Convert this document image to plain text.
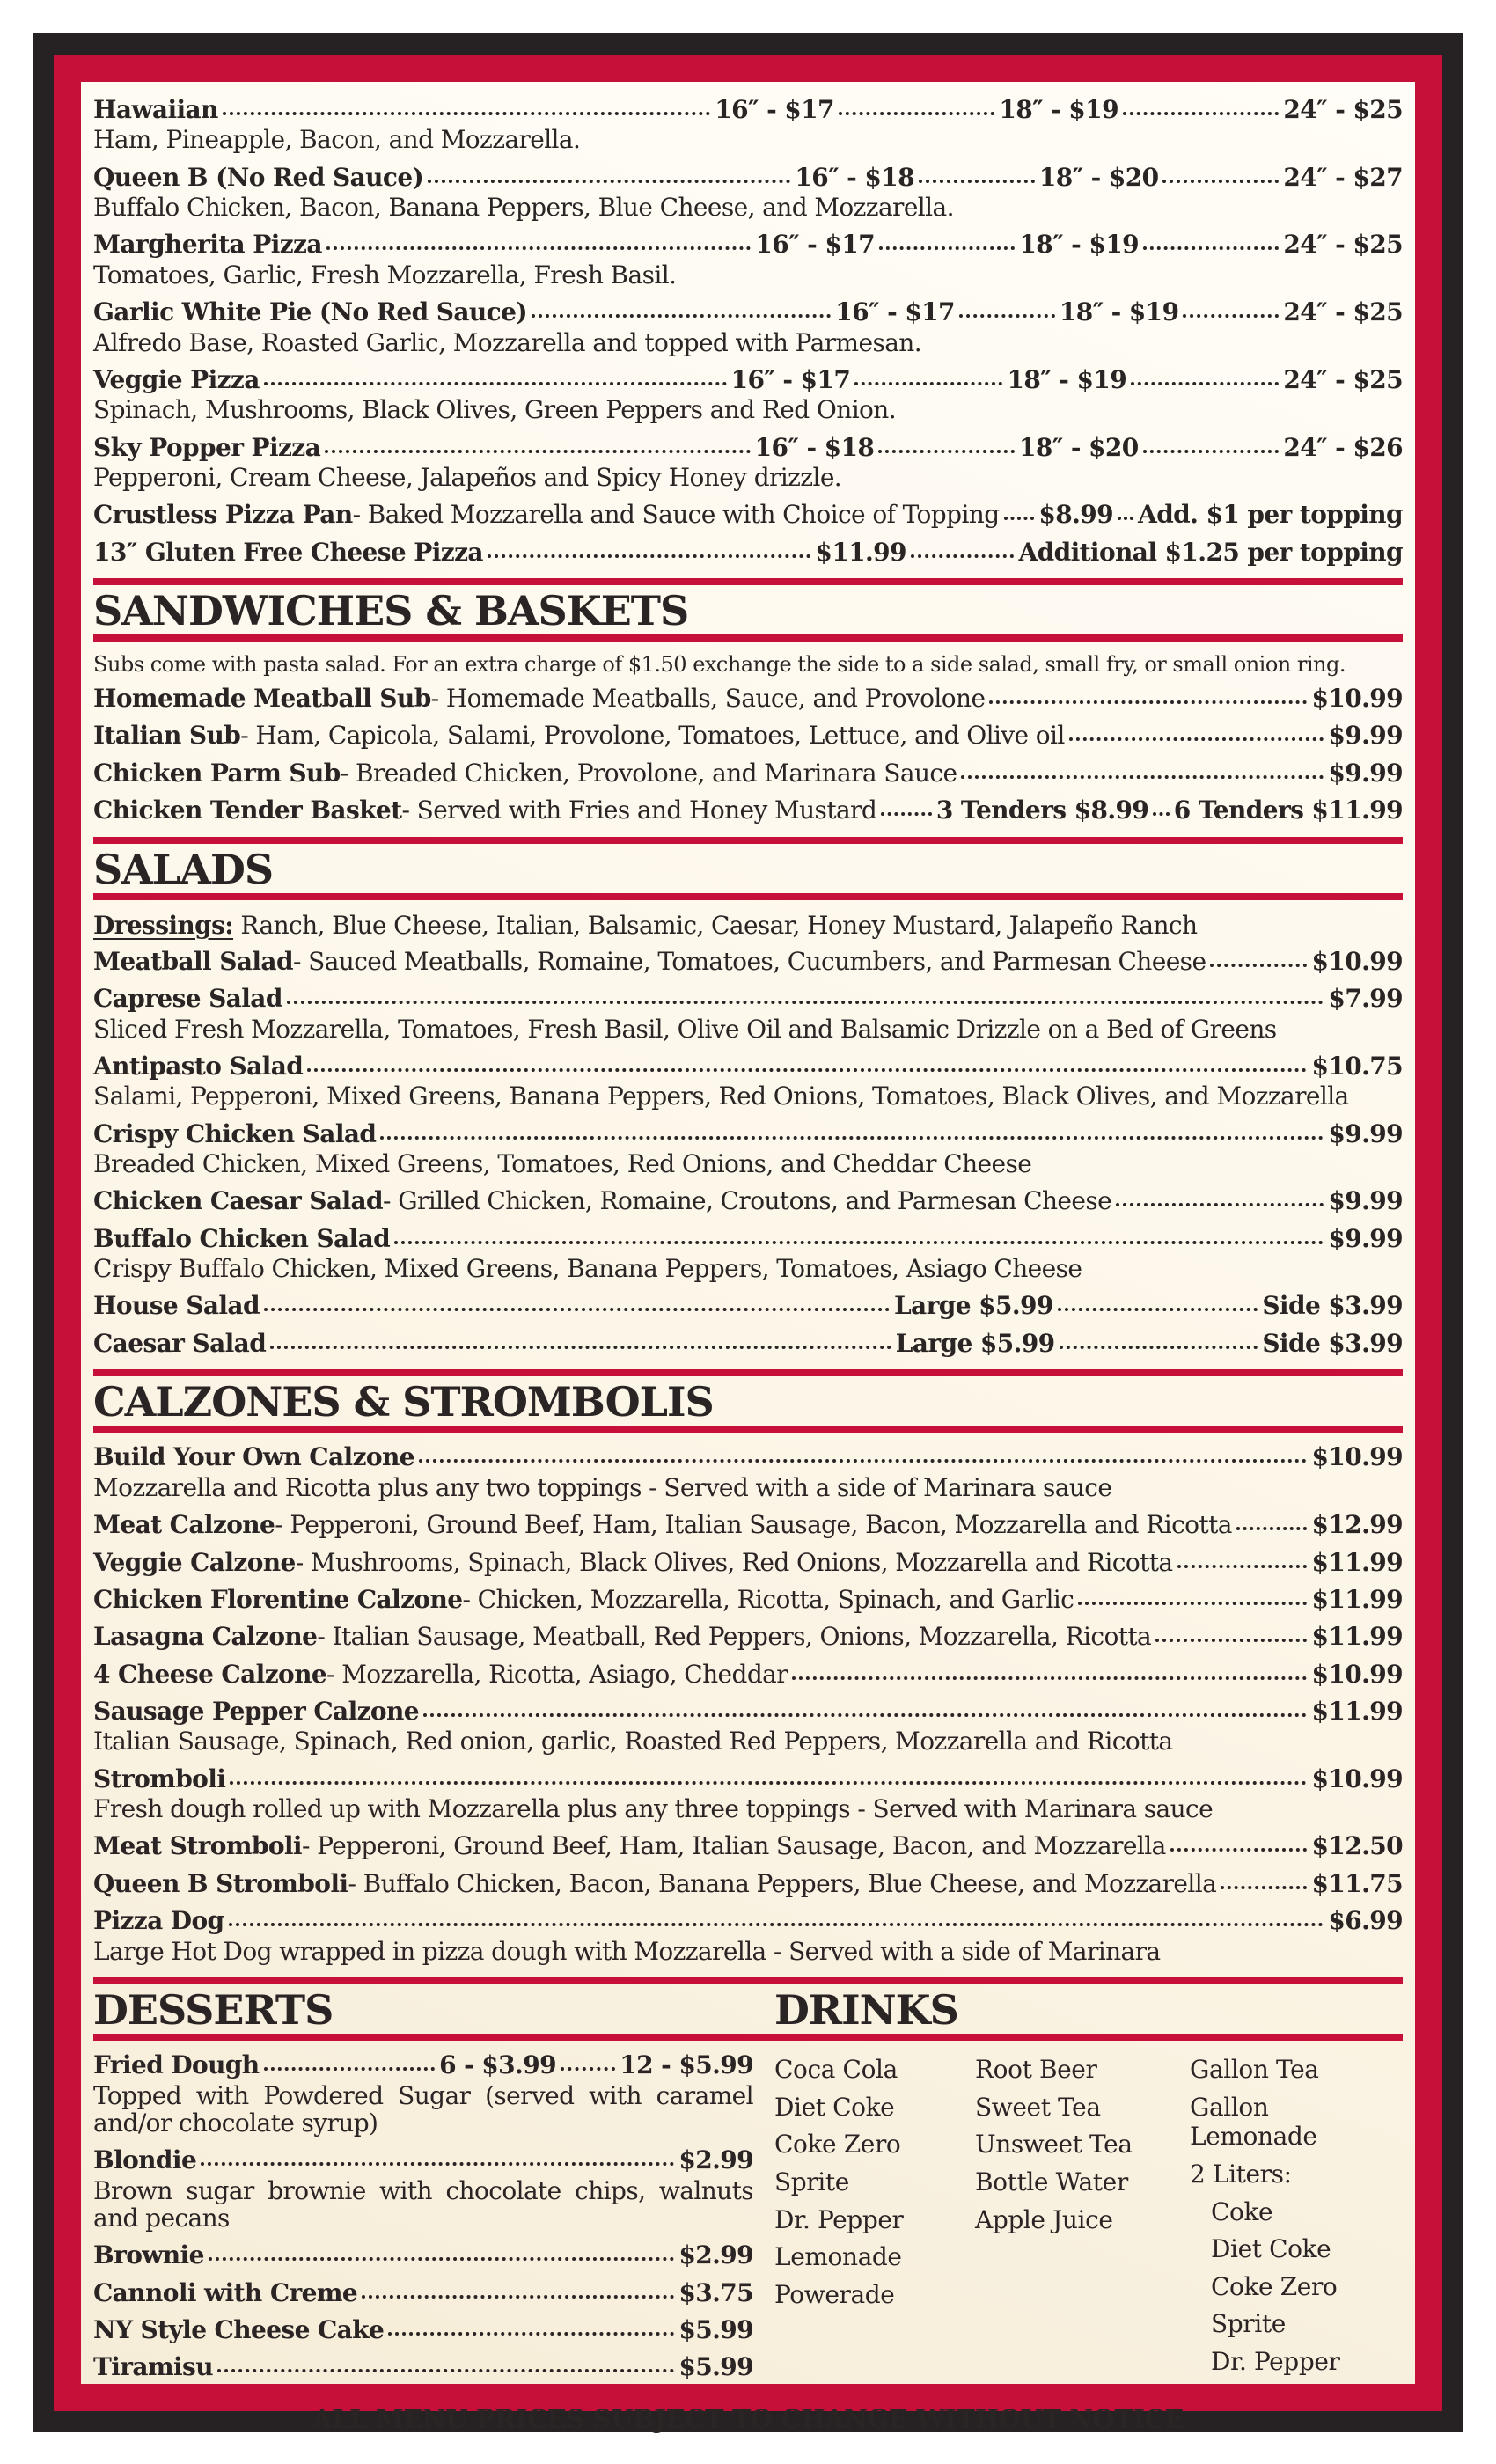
Hawaiian	16″ - $17	18″ - $19	24″ - $25
Ham, Pineapple, Bacon, and Mozzarella.
Queen B (No Red Sauce)	16″ - $18	18″ - $20	24″ - $27
Buffalo Chicken, Bacon, Banana Peppers, Blue Cheese, and Mozzarella.
Margherita Pizza	16″ - $17	18″ - $19	24″ - $25
Tomatoes, Garlic, Fresh Mozzarella, Fresh Basil.
Garlic White Pie (No Red Sauce)	16″ - $17	18″ - $19	24″ - $25
Alfredo Base, Roasted Garlic, Mozzarella and topped with Parmesan.
Veggie Pizza	16″ - $17	18″ - $19	24″ - $25
Spinach, Mushrooms, Black Olives, Green Peppers and Red Onion.
Sky Popper Pizza	16″ - $18	18″ - $20	24″ - $26
Pepperoni, Cream Cheese, Jalapeños and Spicy Honey drizzle.
Crustless Pizza Pan - Baked Mozzarella and Sauce with Choice of Topping $8.99 Add. $1 per topping
13″ Gluten Free Cheese Pizza	$11.99	Additional $1.25 per topping
SANDWICHES & BASKETS
Subs come with pasta salad. For an extra charge of $1.50 exchange the side to a side salad, small fry, or small onion ring.
Homemade Meatball Sub - Homemade Meatballs, Sauce, and Provolone	$10.99
Italian Sub - Ham, Capicola, Salami, Provolone, Tomatoes, Lettuce, and Olive oil	$9.99
Chicken Parm Sub - Breaded Chicken, Provolone, and Marinara Sauce	$9.99
Chicken Tender Basket - Served with Fries and Honey Mustard 3 Tenders $8.99 6 Tenders $11.99
SALADS
Dressings: Ranch, Blue Cheese, Italian, Balsamic, Caesar, Honey Mustard, Jalapeño Ranch
Meatball Salad - Sauced Meatballs, Romaine, Tomatoes, Cucumbers, and Parmesan Cheese	$10.99
Caprese Salad	$7.99
Sliced Fresh Mozzarella, Tomatoes, Fresh Basil, Olive Oil and Balsamic Drizzle on a Bed of Greens
Antipasto Salad	$10.75
Salami, Pepperoni, Mixed Greens, Banana Peppers, Red Onions, Tomatoes, Black Olives, and Mozzarella
Crispy Chicken Salad	$9.99
Breaded Chicken, Mixed Greens, Tomatoes, Red Onions, and Cheddar Cheese
Chicken Caesar Salad - Grilled Chicken, Romaine, Croutons, and Parmesan Cheese	$9.99
Buffalo Chicken Salad	$9.99
Crispy Buffalo Chicken, Mixed Greens, Banana Peppers, Tomatoes, Asiago Cheese
House Salad	Large $5.99	Side $3.99
Caesar Salad	Large $5.99	Side $3.99
CALZONES & STROMBOLIS
Build Your Own Calzone	$10.99
Mozzarella and Ricotta plus any two toppings - Served with a side of Marinara sauce
Meat Calzone - Pepperoni, Ground Beef, Ham, Italian Sausage, Bacon, Mozzarella and Ricotta	$12.99
Veggie Calzone - Mushrooms, Spinach, Black Olives, Red Onions, Mozzarella and Ricotta	$11.99
Chicken Florentine Calzone - Chicken, Mozzarella, Ricotta, Spinach, and Garlic	$11.99
Lasagna Calzone - Italian Sausage, Meatball, Red Peppers, Onions, Mozzarella, Ricotta	$11.99
4 Cheese Calzone - Mozzarella, Ricotta, Asiago, Cheddar	$10.99
Sausage Pepper Calzone	$11.99
Italian Sausage, Spinach, Red onion, garlic, Roasted Red Peppers, Mozzarella and Ricotta
Stromboli	$10.99
Fresh dough rolled up with Mozzarella plus any three toppings - Served with Marinara sauce
Meat Stromboli - Pepperoni, Ground Beef, Ham, Italian Sausage, Bacon, and Mozzarella	$12.50
Queen B Stromboli - Buffalo Chicken, Bacon, Banana Peppers, Blue Cheese, and Mozzarella	$11.75
Pizza Dog	$6.99
Large Hot Dog wrapped in pizza dough with Mozzarella - Served with a side of Marinara
DESSERTS	DRINKS
Fried Dough	6 - $3.99	12 - $5.99
Topped with Powdered Sugar (served with caramel and/or chocolate syrup)
Blondie	$2.99
Brown sugar brownie with chocolate chips, walnuts and pecans
Brownie	$2.99
Cannoli with Creme	$3.75
NY Style Cheese Cake	$5.99
Tiramisu	$5.99
Coca Cola
Diet Coke
Coke Zero
Sprite
Dr. Pepper
Lemonade
Powerade
Root Beer
Sweet Tea
Unsweet Tea
Bottle Water
Apple Juice
Gallon Tea
Gallon Lemonade
2 Liters:
Coke
Diet Coke
Coke Zero
Sprite
Dr. Pepper
ALL MENU PRICES SUBJECT TO CHANGE WITHOUT NOTICE
